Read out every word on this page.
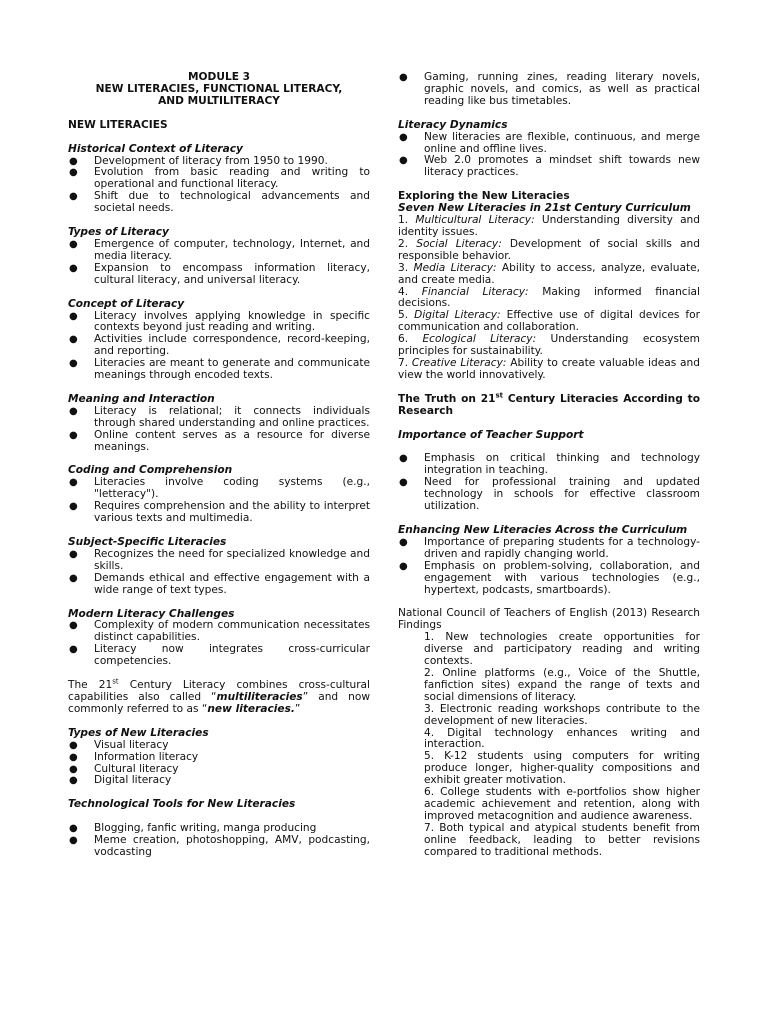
MODULE 3
NEW LITERACIES, FUNCTIONAL LITERACY,
AND MULTILITERACY
NEW LITERACIES
Historical Context of Literacy
● Development of literacy from 1950 to 1990.
● Evolution from basic reading and writing to operational and functional literacy.
● Shift due to technological advancements and societal needs.
Types of Literacy
● Emergence of computer, technology, Internet, and media literacy.
● Expansion to encompass information literacy, cultural literacy, and universal literacy.
Concept of Literacy
● Literacy involves applying knowledge in specific contexts beyond just reading and writing.
● Activities include correspondence, record-keeping, and reporting.
● Literacies are meant to generate and communicate meanings through encoded texts.
Meaning and Interaction
● Literacy is relational; it connects individuals through shared understanding and online practices.
● Online content serves as a resource for diverse meanings.
Coding and Comprehension
● Literacies involve coding systems (e.g., "letteracy").
● Requires comprehension and the ability to interpret various texts and multimedia.
Subject-Specific Literacies
● Recognizes the need for specialized knowledge and skills.
● Demands ethical and effective engagement with a wide range of text types.
Modern Literacy Challenges
● Complexity of modern communication necessitates distinct capabilities.
● Literacy now integrates cross-curricular competencies.
The 21st Century Literacy combines cross-cultural capabilities also called “multiliteracies” and now commonly referred to as “new literacies.”
Types of New Literacies
● Visual literacy
● Information literacy
● Cultural literacy
● Digital literacy
Technological Tools for New Literacies
● Blogging, fanfic writing, manga producing
● Meme creation, photoshopping, AMV, podcasting, vodcasting
● Gaming, running zines, reading literary novels, graphic novels, and comics, as well as practical reading like bus timetables.
Literacy Dynamics
● New literacies are flexible, continuous, and merge online and offline lives.
● Web 2.0 promotes a mindset shift towards new literacy practices.
Exploring the New Literacies
Seven New Literacies in 21st Century Curriculum
1. Multicultural Literacy: Understanding diversity and identity issues.
2. Social Literacy: Development of social skills and responsible behavior.
3. Media Literacy: Ability to access, analyze, evaluate, and create media.
4. Financial Literacy: Making informed financial decisions.
5. Digital Literacy: Effective use of digital devices for communication and collaboration.
6. Ecological Literacy: Understanding ecosystem principles for sustainability.
7. Creative Literacy: Ability to create valuable ideas and view the world innovatively.
The Truth on 21st Century Literacies According to Research
Importance of Teacher Support
● Emphasis on critical thinking and technology integration in teaching.
● Need for professional training and updated technology in schools for effective classroom utilization.
Enhancing New Literacies Across the Curriculum
● Importance of preparing students for a technology-driven and rapidly changing world.
● Emphasis on problem-solving, collaboration, and engagement with various technologies (e.g., hypertext, podcasts, smartboards).
National Council of Teachers of English (2013) Research Findings
1. New technologies create opportunities for diverse and participatory reading and writing contexts.
2. Online platforms (e.g., Voice of the Shuttle, fanfiction sites) expand the range of texts and social dimensions of literacy.
3. Electronic reading workshops contribute to the development of new literacies.
4. Digital technology enhances writing and interaction.
5. K-12 students using computers for writing produce longer, higher-quality compositions and exhibit greater motivation.
6. College students with e-portfolios show higher academic achievement and retention, along with improved metacognition and audience awareness.
7. Both typical and atypical students benefit from online feedback, leading to better revisions compared to traditional methods.
